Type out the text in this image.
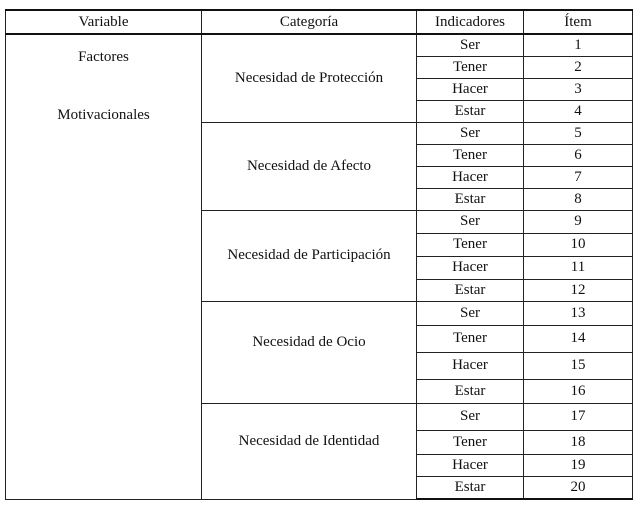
Variable	Categoría	Indicadores	Ítem

Factores
Motivacionales	Necesidad de Protección	Ser	1
		Tener	2
		Hacer	3
		Estar	4

	Necesidad de Afecto	Ser	5
		Tener	6
		Hacer	7
		Estar	8

	Necesidad de Participación	Ser	9
		Tener	10
		Hacer	11
		Estar	12

	Necesidad de Ocio	Ser	13
		Tener	14
		Hacer	15
		Estar	16

	Necesidad de Identidad	Ser	17
		Tener	18
		Hacer	19
		Estar	20
